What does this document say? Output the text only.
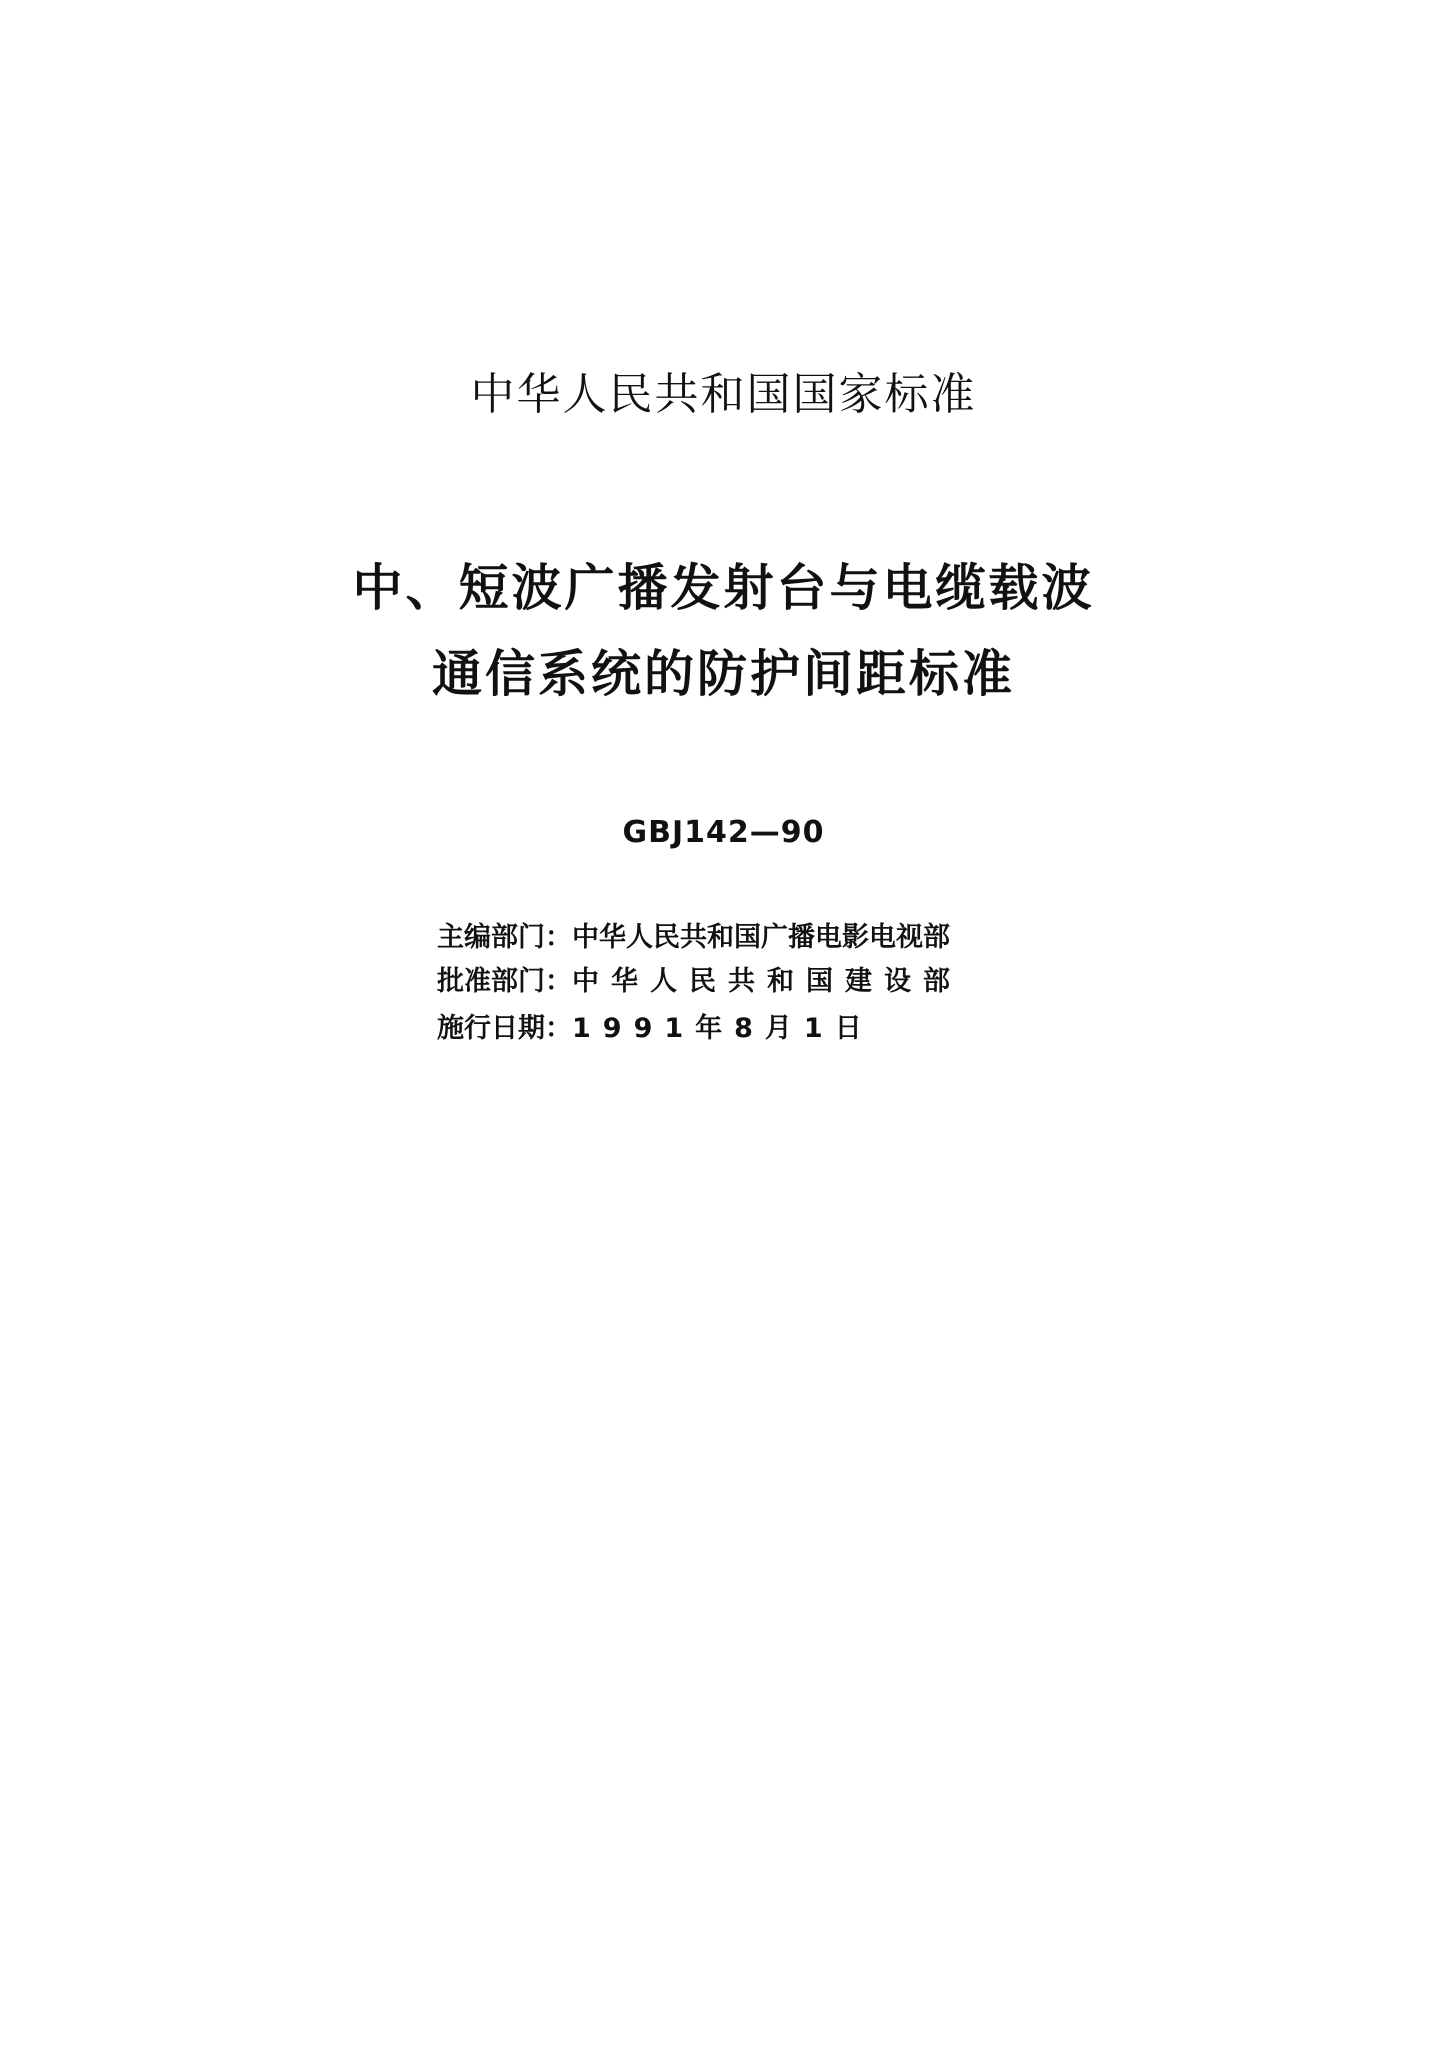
中华人民共和国国家标准
中、短波广播发射台与电缆载波
通信系统的防护间距标准
GBJ142—90
主编部门：中华人民共和国广播电影电视部
批准部门：中华人民共和国建设部
施行日期：1991年8月1日
